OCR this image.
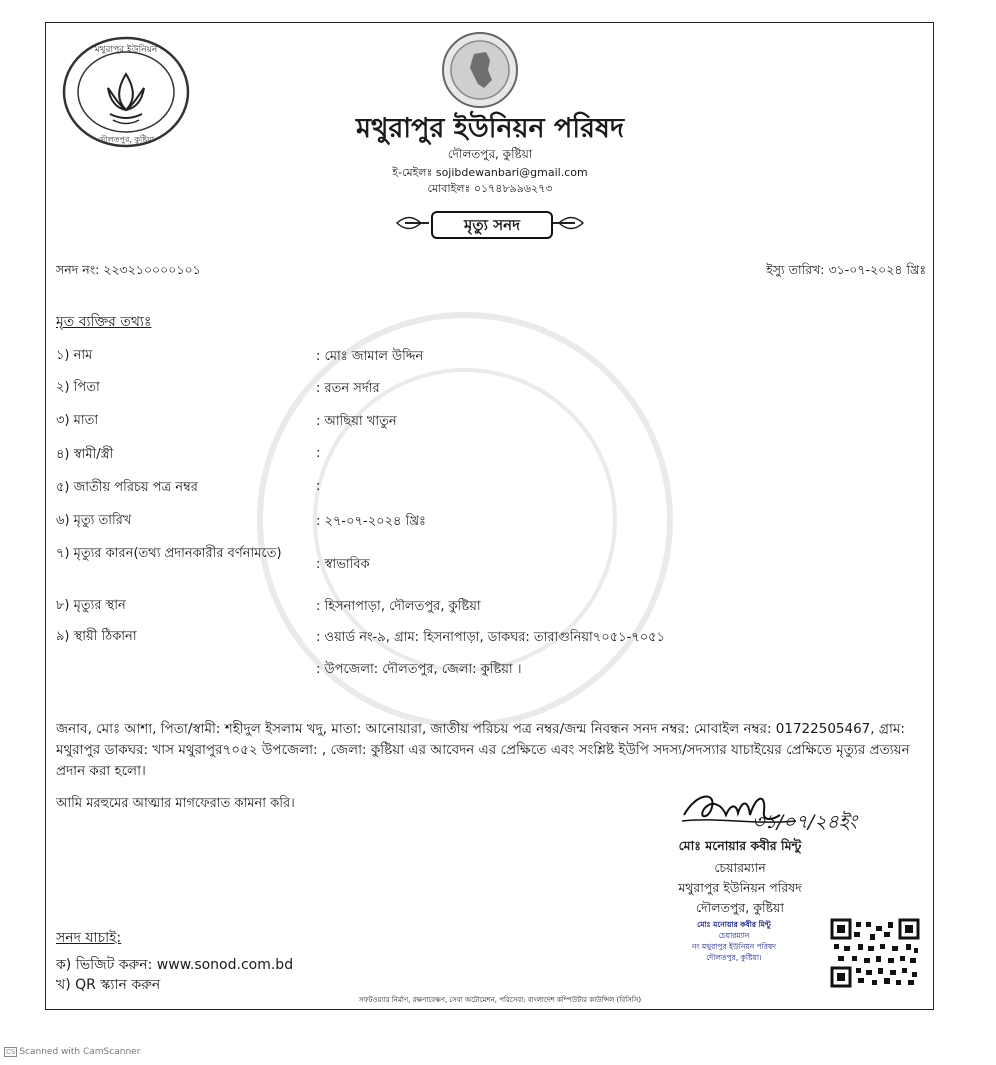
মথুরাপুর ইউনিয়ন
দৌলতপুর, কুষ্টিয়া	মথুরাপুর ইউনিয়ন পরিষদ
দৌলতপুর, কুষ্টিয়া
ই-মেইলঃ sojibdewanbari@gmail.com
মোবাইলঃ ০১৭৪৮৯৯৬২৭৩
মৃত্যু সনদ
সনদ নং: ২২৩২১০০০০১০১	ইস্যু তারিখ: ৩১-০৭-২০২৪ খ্রিঃ
মৃত ব্যক্তির তথ্যঃ
১) নাম	: মোঃ জামাল উদ্দিন
২) পিতা	: রতন সর্দার
৩) মাতা	: আছিয়া খাতুন
৪) স্বামী/স্ত্রী	:
৫) জাতীয় পরিচয় পত্র নম্বর	:
৬) মৃত্যু তারিখ	: ২৭-০৭-২০২৪ খ্রিঃ
৭) মৃত্যুর কারন(তথ্য প্রদানকারীর বর্ণনামতে)
: স্বাভাবিক
৮) মৃত্যুর স্থান	: হিসনাপাড়া, দৌলতপুর, কুষ্টিয়া
৯) স্থায়ী ঠিকানা	: ওয়ার্ড নং-৯, গ্রাম: হিসনাপাড়া, ডাকঘর: তারাগুনিয়া৭০৫১-৭০৫১
: উপজেলা: দৌলতপুর, জেলা: কুষ্টিয়া ।
জনাব, মোঃ আশা, পিতা/স্বামী: শহীদুল ইসলাম খদু, মাতা: আনোয়ারা, জাতীয় পরিচয় পত্র নম্বর/জন্ম নিবন্ধন সনদ নম্বর: মোবাইল নম্বর: 01722505467, গ্রাম: মথুরাপুর ডাকঘর: খাস মথুরাপুর৭০৫২ উপজেলা: , জেলা: কুষ্টিয়া এর আবেদন এর প্রেক্ষিতে এবং সংশ্লিষ্ট ইউপি সদস্য/সদস্যার যাচাইয়ের প্রেক্ষিতে মৃত্যুর প্রত্যয়ন প্রদান করা হলো।
আমি মরহুমের আত্মার মাগফেরাত কামনা করি।
৩১/০৭/২৪ইং
মোঃ মনোয়ার কবীর মিন্টু
চেয়ারম্যান
মথুরাপুর ইউনিয়ন পরিষদ
দৌলতপুর, কুষ্টিয়া
মোঃ মনোয়ার কবীর মিন্টু
চেয়ারম্যান
নং মথুরাপুর ইউনিয়ন পরিষদ
দৌলতপুর, কুষ্টিয়া।
সনদ যাচাই:
ক) ভিজিট করুন: www.sonod.com.bd
খ) QR স্ক্যান করুন
সফটওয়্যার নির্মাণ, রক্ষণাবেক্ষণ, সেবা অটোমেশন, পরিসেবা: বাংলাদেশ কম্পিউটার কাউন্সিল (বিসিসি)
CS Scanned with CamScanner
